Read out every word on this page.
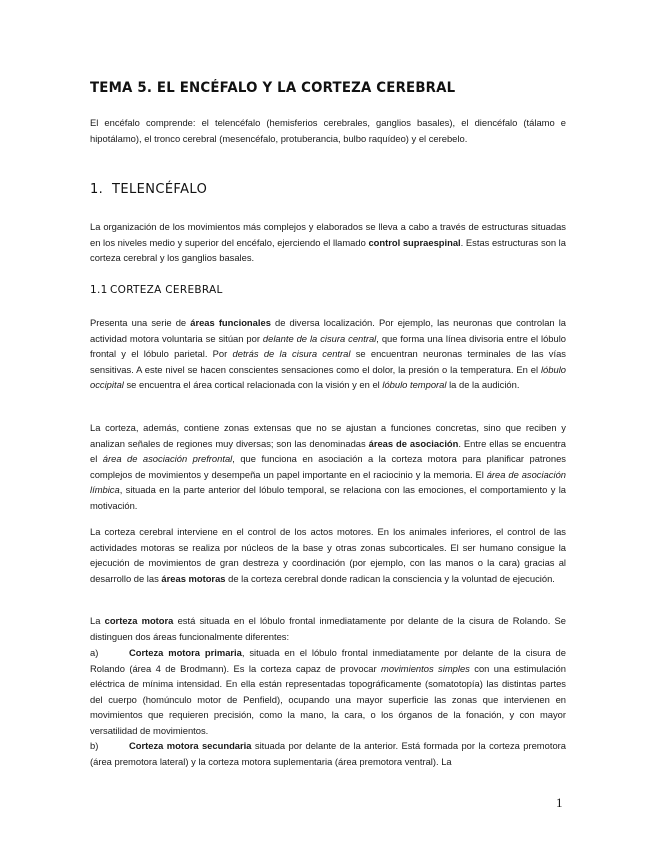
TEMA 5. EL ENCÉFALO Y LA CORTEZA CEREBRAL

El encéfalo comprende: el telencéfalo (hemisferios cerebrales, ganglios basales), el diencéfalo (tálamo e hipotálamo), el tronco cerebral (mesencéfalo, protuberancia, bulbo raquídeo) y el cerebelo.

1. TELENCÉFALO

La organización de los movimientos más complejos y elaborados se lleva a cabo a través de estructuras situadas en los niveles medio y superior del encéfalo, ejerciendo el llamado control supraespinal. Estas estructuras son la corteza cerebral y los ganglios basales.

1.1 CORTEZA CEREBRAL

Presenta una serie de áreas funcionales de diversa localización. Por ejemplo, las neuronas que controlan la actividad motora voluntaria se sitúan por delante de la cisura central, que forma una línea divisoria entre el lóbulo frontal y el lóbulo parietal. Por detrás de la cisura central se encuentran neuronas terminales de las vías sensitivas. A este nivel se hacen conscientes sensaciones como el dolor, la presión o la temperatura. En el lóbulo occipital se encuentra el área cortical relacionada con la visión y en el lóbulo temporal la de la audición.

La corteza, además, contiene zonas extensas que no se ajustan a funciones concretas, sino que reciben y analizan señales de regiones muy diversas; son las denominadas áreas de asociación. Entre ellas se encuentra el área de asociación prefrontal, que funciona en asociación a la corteza motora para planificar patrones complejos de movimientos y desempeña un papel importante en el raciocinio y la memoria. El área de asociación límbica, situada en la parte anterior del lóbulo temporal, se relaciona con las emociones, el comportamiento y la motivación.

La corteza cerebral interviene en el control de los actos motores. En los animales inferiores, el control de las actividades motoras se realiza por núcleos de la base y otras zonas subcorticales. El ser humano consigue la ejecución de movimientos de gran destreza y coordinación (por ejemplo, con las manos o la cara) gracias al desarrollo de las áreas motoras de la corteza cerebral donde radican la consciencia y la voluntad de ejecución.

La corteza motora está situada en el lóbulo frontal inmediatamente por delante de la cisura de Rolando. Se distinguen dos áreas funcionalmente diferentes:

a)	Corteza motora primaria, situada en el lóbulo frontal inmediatamente por delante de la cisura de Rolando (área 4 de Brodmann). Es la corteza capaz de provocar movimientos simples con una estimulación eléctrica de mínima intensidad. En ella están representadas topográficamente (somatotopía) las distintas partes del cuerpo (homúnculo motor de Penfield), ocupando una mayor superficie las zonas que intervienen en movimientos que requieren precisión, como la mano, la cara, o los órganos de la fonación, y con mayor versatilidad de movimientos.

b)	Corteza motora secundaria situada por delante de la anterior. Está formada por la corteza premotora (área premotora lateral) y la corteza motora suplementaria (área premotora ventral). La

1
